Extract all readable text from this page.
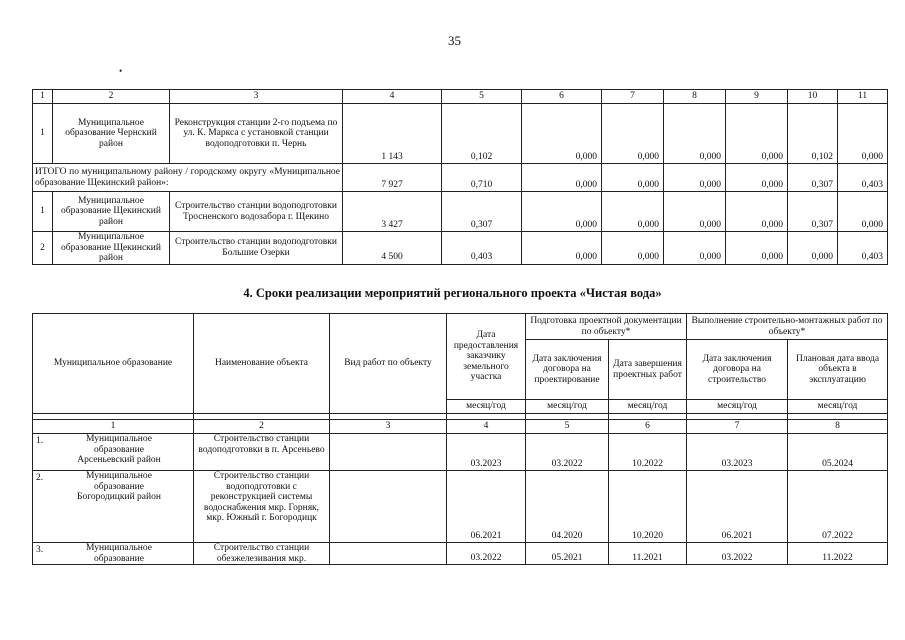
35
•
1	2	3	4	5	6	7	8	9	10	11
1	Муниципальное образование Чернский район	Реконструкция станции 2-го подъема по ул. К. Маркса с установкой станции водоподготовки п. Чернь	1 143	0,102	0,000	0,000	0,000	0,000	0,102	0,000
ИТОГО по муниципальному району / городскому округу «Муниципальное образование Щекинский район»:			7 927	0,710	0,000	0,000	0,000	0,000	0,307	0,403
1	Муниципальное образование Щекинский район	Строительство станции водоподготовки Тросненского водозабора г. Щекино	3 427	0,307	0,000	0,000	0,000	0,000	0,307	0,000
2	Муниципальное образование Щекинский район	Строительство станции водоподготовки Большие Озерки	4 500	0,403	0,000	0,000	0,000	0,000	0,000	0,403
4. Сроки реализации мероприятий регионального проекта «Чистая вода»
Муниципальное образование	Наименование объекта	Вид работ по объекту	Дата предоставления заказчику земельного участка	Подготовка проектной документации по объекту*		Выполнение строительно-монтажных работ по объекту*	
				Дата заключения договора на проектирование	Дата завершения проектных работ	Дата заключения договора на строительство	Плановая дата ввода объекта в эксплуатацию
			месяц/год	месяц/год	месяц/год	месяц/год	месяц/год

1	2	3	4	5	6	7	8

1. Муниципальное образование Арсеньевский район	Строительство станции водоподготовки в п. Арсеньево		03.2023	03.2022	10.2022	03.2023	05.2024

2. Муниципальное образование Богородицкий район	Строительство станции водоподготовки с реконструкцией системы водоснабжения мкр. Горняк, мкр. Южный г. Богородицк		06.2021	04.2020	10.2020	06.2021	07.2022

3. Муниципальное образование	Строительство станции обезжелезивания мкр.		03.2022	05.2021	11.2021	03.2022	11.2022
